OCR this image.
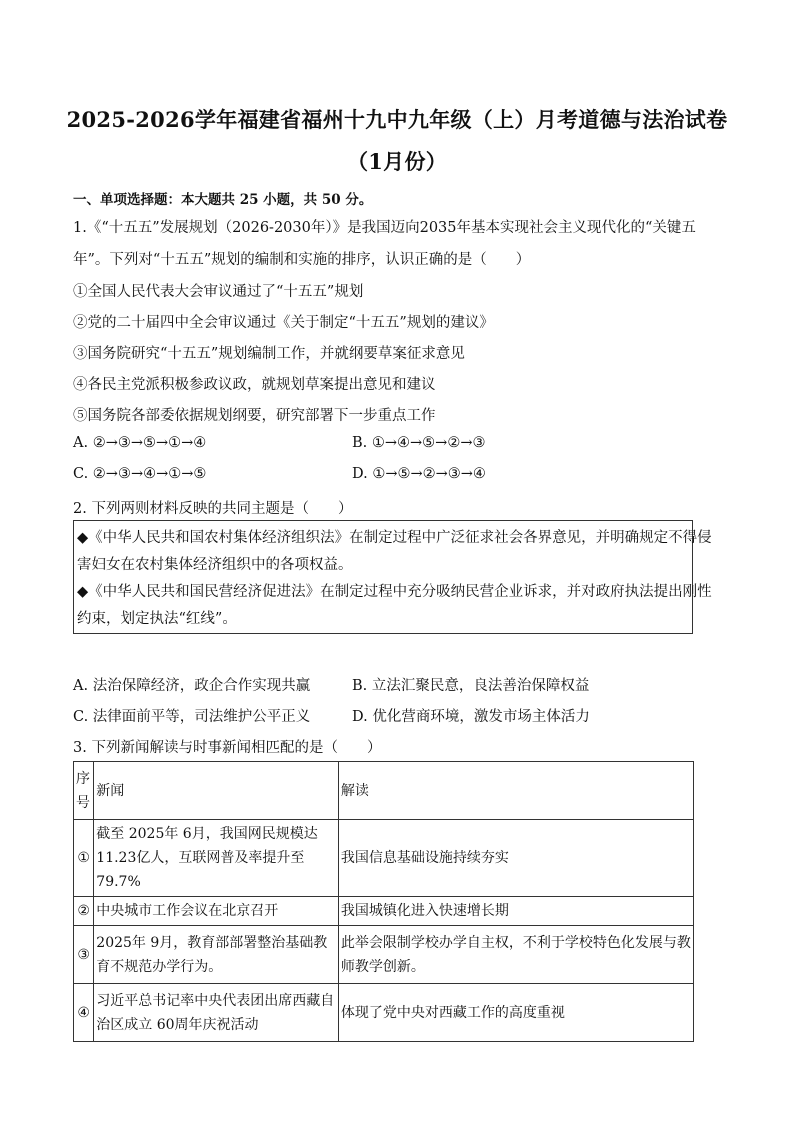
2025-2026学年福建省福州十九中九年级（上）月考道德与法治试卷
（1月份）
一、单项选择题：本大题共 25 小题，共 50 分。
1.《“十五五”发展规划（2026-2030年）》是我国迈向2035年基本实现社会主义现代化的“关键五
年”。下列对“十五五”规划的编制和实施的排序，认识正确的是（　　）
①全国人民代表大会审议通过了“十五五”规划
②党的二十届四中全会审议通过《关于制定“十五五”规划的建议》
③国务院研究“十五五”规划编制工作，并就纲要草案征求意见
④各民主党派积极参政议政，就规划草案提出意见和建议
⑤国务院各部委依据规划纲要，研究部署下一步重点工作
A. ②→③→⑤→①→④	B. ①→④→⑤→②→③
C. ②→③→④→①→⑤	D. ①→⑤→②→③→④
2. 下列两则材料反映的共同主题是（　　）
◆《中华人民共和国农村集体经济组织法》在制定过程中广泛征求社会各界意见，并明确规定不得侵
害妇女在农村集体经济组织中的各项权益。
◆《中华人民共和国民营经济促进法》在制定过程中充分吸纳民营企业诉求，并对政府执法提出刚性
约束，划定执法“红线”。
A. 法治保障经济，政企合作实现共赢	B. 立法汇聚民意，良法善治保障权益
C. 法律面前平等，司法维护公平正义	D. 优化营商环境，激发市场主体活力
3. 下列新闻解读与时事新闻相匹配的是（　　）
序号	新闻	解读
①	截至 2025年 6月，我国网民规模达11.23亿人，互联网普及率提升至 79.7%	我国信息基础设施持续夯实
②	中央城市工作会议在北京召开	我国城镇化进入快速增长期
③	2025年 9月，教育部部署整治基础教育不规范办学行为。	此举会限制学校办学自主权，不利于学校特色化发展与教师教学创新。
④	习近平总书记率中央代表团出席西藏自治区成立 60周年庆祝活动	体现了党中央对西藏工作的高度重视
